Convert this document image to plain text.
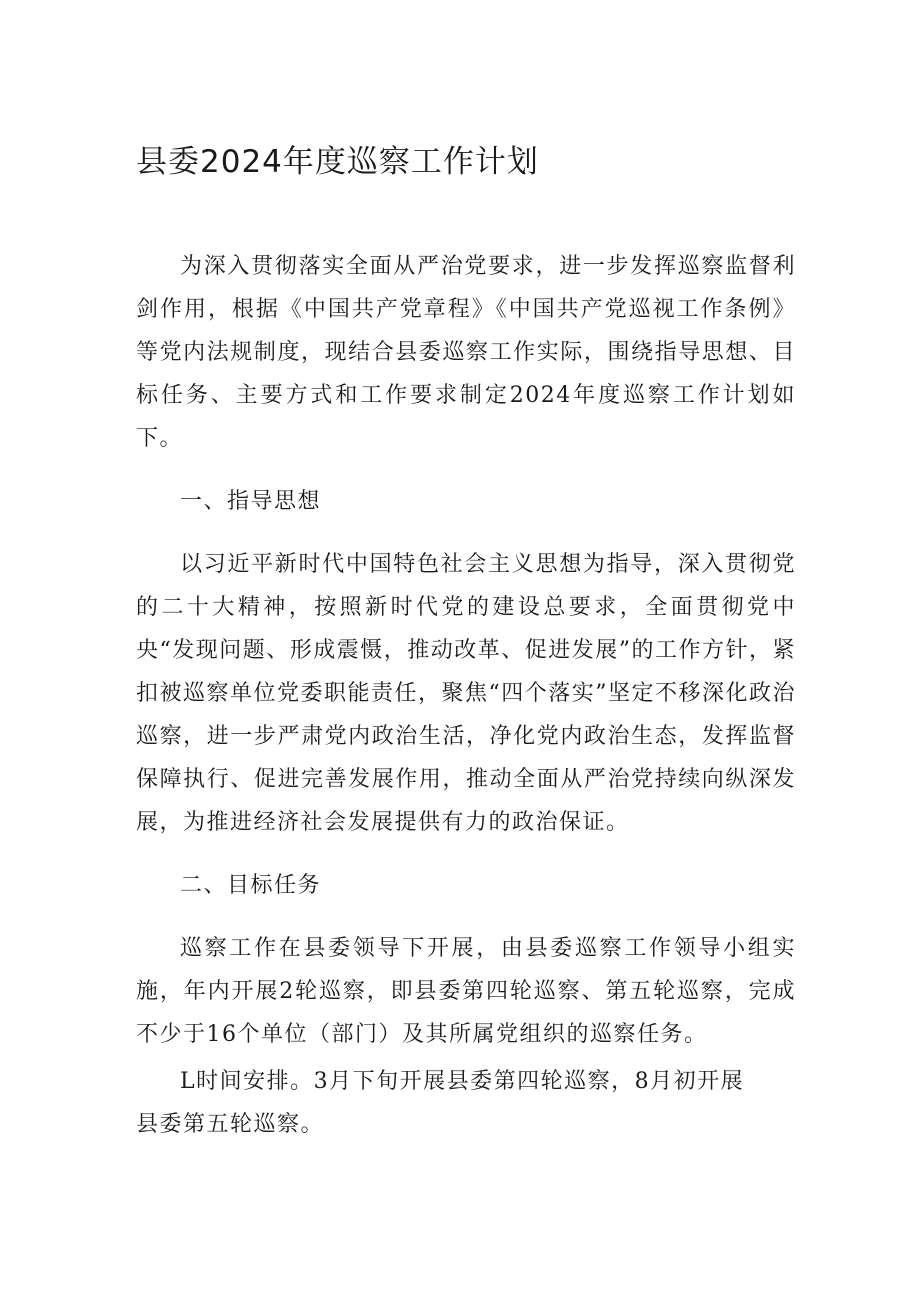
县委2024年度巡察工作计划

为深入贯彻落实全面从严治党要求，进一步发挥巡察监督利剑作用，根据《中国共产党章程》《中国共产党巡视工作条例》等党内法规制度，现结合县委巡察工作实际，围绕指导思想、目标任务、主要方式和工作要求制定2024年度巡察工作计划如下。

一、指导思想

以习近平新时代中国特色社会主义思想为指导，深入贯彻党的二十大精神，按照新时代党的建设总要求，全面贯彻党中央“发现问题、形成震慑，推动改革、促进发展”的工作方针，紧扣被巡察单位党委职能责任，聚焦“四个落实”坚定不移深化政治巡察，进一步严肃党内政治生活，净化党内政治生态，发挥监督保障执行、促进完善发展作用，推动全面从严治党持续向纵深发展，为推进经济社会发展提供有力的政治保证。

二、目标任务

巡察工作在县委领导下开展，由县委巡察工作领导小组实施，年内开展2轮巡察，即县委第四轮巡察、第五轮巡察，完成不少于16个单位（部门）及其所属党组织的巡察任务。

L时间安排。3月下旬开展县委第四轮巡察，8月初开展
县委第五轮巡察。
